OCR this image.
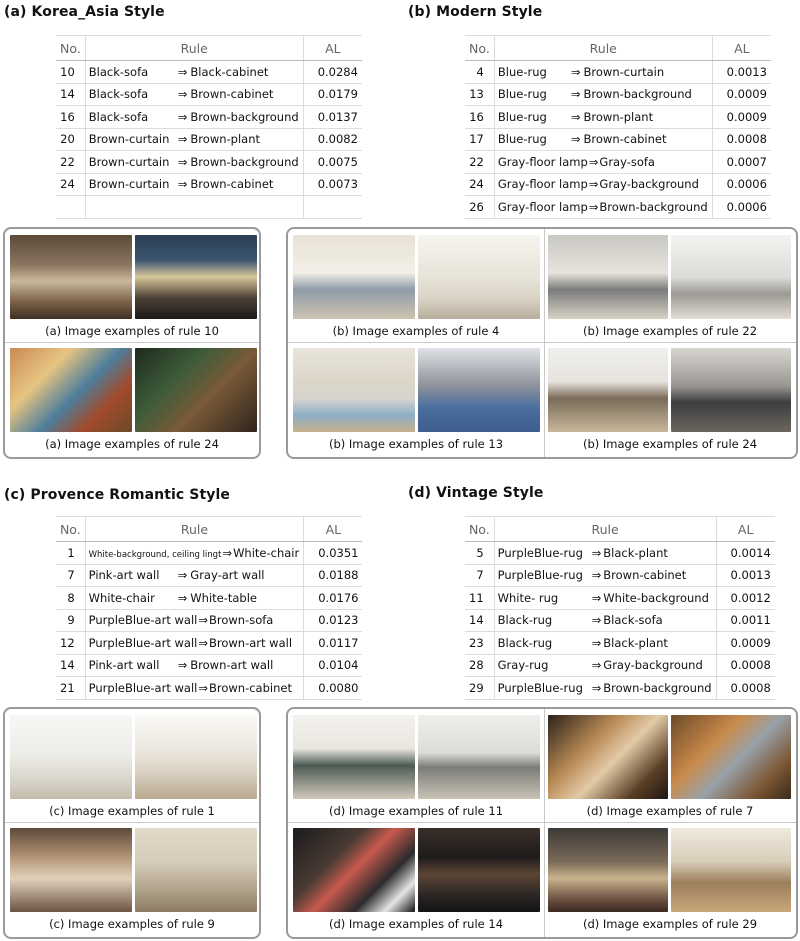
(a) Korea_Asia Style
No.	Rule	AL
10	Black-sofa ⇒ Black-cabinet	0.0284
14	Black-sofa ⇒ Brown-cabinet	0.0179
16	Black-sofa ⇒ Brown-background	0.0137
20	Brown-curtain ⇒ Brown-plant	0.0082
22	Brown-curtain ⇒ Brown-background	0.0075
24	Brown-curtain ⇒ Brown-cabinet	0.0073

(b) Modern Style
No.	Rule	AL
4	Blue-rug ⇒ Brown-curtain	0.0013
13	Blue-rug ⇒ Brown-background	0.0009
16	Blue-rug ⇒ Brown-plant	0.0009
17	Blue-rug ⇒ Brown-cabinet	0.0008
22	Gray-floor lamp⇒Gray-sofa	0.0007
24	Gray-floor lamp⇒Gray-background	0.0006
26	Gray-floor lamp⇒Brown-background	0.0006
(a) Image examples of rule 10
(a) Image examples of rule 24
(b) Image examples of rule 4	(b) Image examples of rule 22
(b) Image examples of rule 13	(b) Image examples of rule 24
(c) Provence Romantic Style
No.	Rule	AL
1	White-background, ceiling lingt⇒White-chair	0.0351
7	Pink-art wall ⇒ Gray-art wall	0.0188
8	White-chair ⇒ White-table	0.0176
9	PurpleBlue-art wall⇒Brown-sofa	0.0123
12	PurpleBlue-art wall⇒Brown-art wall	0.0117
14	Pink-art wall ⇒ Brown-art wall	0.0104
21	PurpleBlue-art wall⇒Brown-cabinet	0.0080
(d) Vintage Style
No.	Rule	AL
5	PurpleBlue-rug ⇒ Black-plant	0.0014
7	PurpleBlue-rug ⇒ Brown-cabinet	0.0013
11	White- rug ⇒ White-background	0.0012
14	Black-rug ⇒ Black-sofa	0.0011
23	Black-rug ⇒ Black-plant	0.0009
28	Gray-rug ⇒ Gray-background	0.0008
29	PurpleBlue-rug ⇒ Brown-background	0.0008
(c) Image examples of rule 1
(c) Image examples of rule 9
(d) Image examples of rule 11	(d) Image examples of rule 7
(d) Image examples of rule 14	(d) Image examples of rule 29
